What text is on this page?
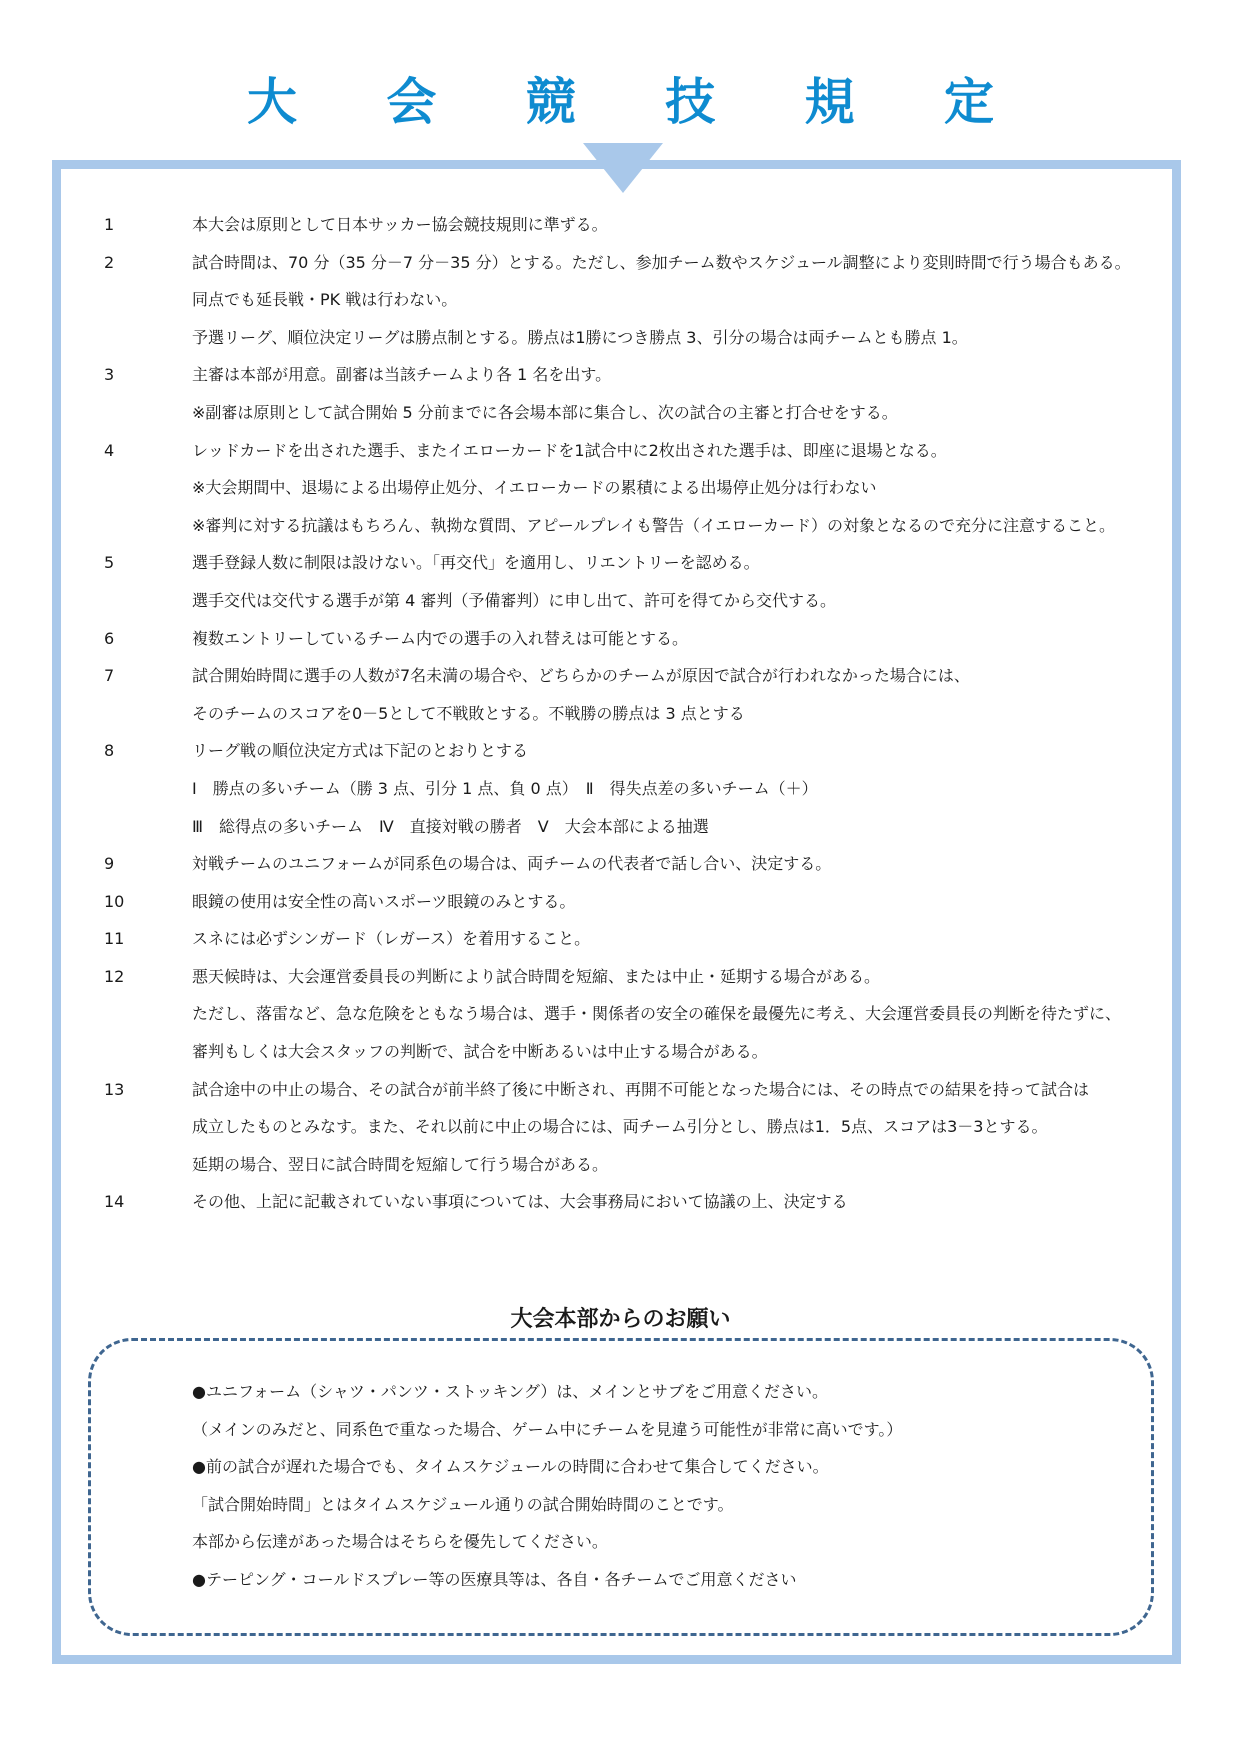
大 会 競 技 規 定
1	本大会は原則として日本サッカー協会競技規則に準ずる。
2	試合時間は、70 分（35 分－7 分－35 分）とする。ただし、参加チーム数やスケジュール調整により変則時間で行う場合もある。
同点でも延長戦・PK 戦は行わない。
予選リーグ、順位決定リーグは勝点制とする。勝点は1勝につき勝点 3、引分の場合は両チームとも勝点 1。
3	主審は本部が用意。副審は当該チームより各 1 名を出す。
※副審は原則として試合開始 5 分前までに各会場本部に集合し、次の試合の主審と打合せをする。
4	レッドカードを出された選手、またイエローカードを1試合中に2枚出された選手は、即座に退場となる。
※大会期間中、退場による出場停止処分、イエローカードの累積による出場停止処分は行わない
※審判に対する抗議はもちろん、執拗な質問、アピールプレイも警告（イエローカード）の対象となるので充分に注意すること。
5	選手登録人数に制限は設けない。「再交代」を適用し、リエントリーを認める。
選手交代は交代する選手が第 4 審判（予備審判）に申し出て、許可を得てから交代する。
6	複数エントリーしているチーム内での選手の入れ替えは可能とする。
7	試合開始時間に選手の人数が7名未満の場合や、どちらかのチームが原因で試合が行われなかった場合には、
そのチームのスコアを0－5として不戦敗とする。不戦勝の勝点は 3 点とする
8	リーグ戦の順位決定方式は下記のとおりとする
Ⅰ　勝点の多いチーム（勝 3 点、引分 1 点、負 0 点）　Ⅱ　得失点差の多いチーム（＋）
Ⅲ　総得点の多いチーム　Ⅳ　直接対戦の勝者　Ⅴ　大会本部による抽選
9	対戦チームのユニフォームが同系色の場合は、両チームの代表者で話し合い、決定する。
10	眼鏡の使用は安全性の高いスポーツ眼鏡のみとする。
11	スネには必ずシンガード（レガース）を着用すること。
12	悪天候時は、大会運営委員長の判断により試合時間を短縮、または中止・延期する場合がある。
ただし、落雷など、急な危険をともなう場合は、選手・関係者の安全の確保を最優先に考え、大会運営委員長の判断を待たずに、
審判もしくは大会スタッフの判断で、試合を中断あるいは中止する場合がある。
13	試合途中の中止の場合、その試合が前半終了後に中断され、再開不可能となった場合には、その時点での結果を持って試合は
成立したものとみなす。また、それ以前に中止の場合には、両チーム引分とし、勝点は1．5点、スコアは3－3とする。
延期の場合、翌日に試合時間を短縮して行う場合がある。
14	その他、上記に記載されていない事項については、大会事務局において協議の上、決定する
大会本部からのお願い
●ユニフォーム（シャツ・パンツ・ストッキング）は、メインとサブをご用意ください。
（メインのみだと、同系色で重なった場合、ゲーム中にチームを見違う可能性が非常に高いです。）
●前の試合が遅れた場合でも、タイムスケジュールの時間に合わせて集合してください。
「試合開始時間」とはタイムスケジュール通りの試合開始時間のことです。
本部から伝達があった場合はそちらを優先してください。
●テーピング・コールドスプレー等の医療具等は、各自・各チームでご用意ください
